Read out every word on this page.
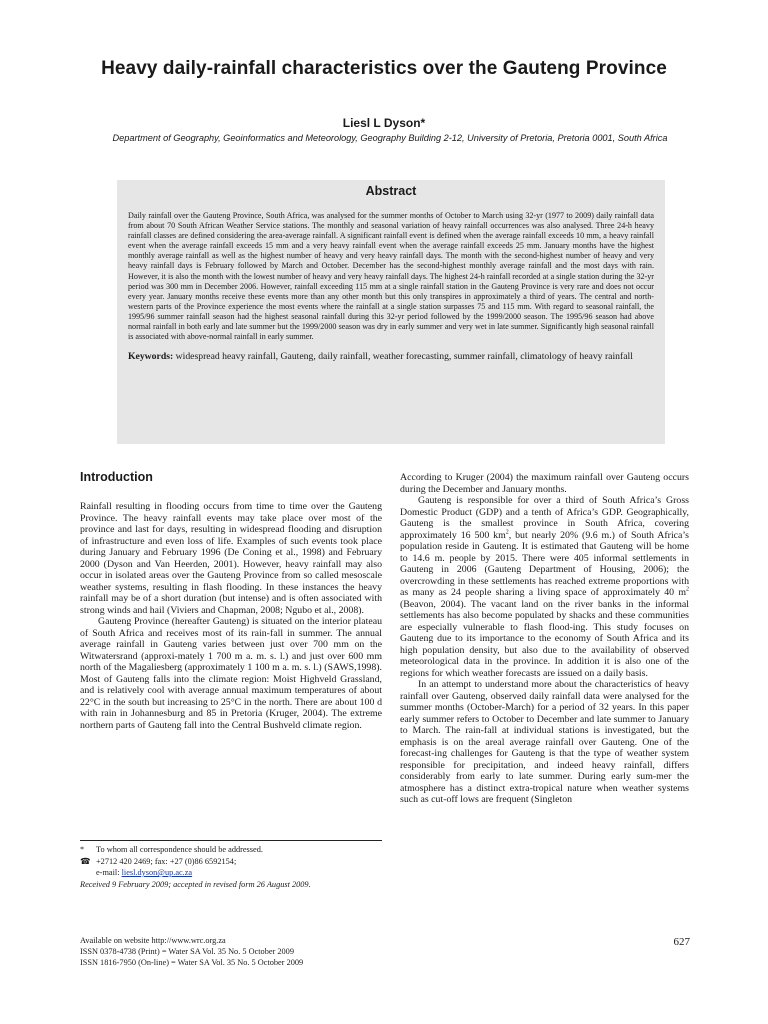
Heavy daily-rainfall characteristics over the Gauteng Province
Liesl L Dyson*
Department of Geography, Geoinformatics and Meteorology, Geography Building 2-12, University of Pretoria, Pretoria 0001, South Africa
Abstract
Daily rainfall over the Gauteng Province, South Africa, was analysed for the summer months of October to March using 32-yr (1977 to 2009) daily rainfall data from about 70 South African Weather Service stations. The monthly and seasonal variation of heavy rainfall occurrences was also analysed. Three 24-h heavy rainfall classes are defined considering the area-average rainfall. A significant rainfall event is defined when the average rainfall exceeds 10 mm, a heavy rainfall event when the average rainfall exceeds 15 mm and a very heavy rainfall event when the average rainfall exceeds 25 mm. January months have the highest monthly average rainfall as well as the highest number of heavy and very heavy rainfall days. The month with the second-highest number of heavy and very heavy rainfall days is February followed by March and October. December has the second-highest monthly average rainfall and the most days with rain. However, it is also the month with the lowest number of heavy and very heavy rainfall days. The highest 24-h rainfall recorded at a single station during the 32-yr period was 300 mm in December 2006. However, rainfall exceeding 115 mm at a single rainfall station in the Gauteng Province is very rare and does not occur every year. January months receive these events more than any other month but this only transpires in approximately a third of years. The central and north-western parts of the Province experience the most events where the rainfall at a single station surpasses 75 and 115 mm. With regard to seasonal rainfall, the 1995/96 summer rainfall season had the highest seasonal rainfall during this 32-yr period followed by the 1999/2000 season. The 1995/96 season had above normal rainfall in both early and late summer but the 1999/2000 season was dry in early summer and very wet in late summer. Significantly high seasonal rainfall is associated with above-normal rainfall in early summer.
Keywords: widespread heavy rainfall, Gauteng, daily rainfall, weather forecasting, summer rainfall, climatology of heavy rainfall
Introduction

Rainfall resulting in flooding occurs from time to time over the Gauteng Province. The heavy rainfall events may take place over most of the province and last for days, resulting in widespread flooding and disruption of infrastructure and even loss of life. Examples of such events took place during January and February 1996 (De Coning et al., 1998) and February 2000 (Dyson and Van Heerden, 2001). However, heavy rainfall may also occur in isolated areas over the Gauteng Province from so called mesoscale weather systems, resulting in flash flooding. In these instances the heavy rainfall may be of a short duration (but intense) and is often associated with strong winds and hail (Viviers and Chapman, 2008; Ngubo et al., 2008).

Gauteng Province (hereafter Gauteng) is situated on the interior plateau of South Africa and receives most of its rain-fall in summer. The annual average rainfall in Gauteng varies between just over 700 mm on the Witwatersrand (approxi-mately 1 700 m a. m. s. l.) and just over 600 mm north of the Magaliesberg (approximately 1 100 m a. m. s. l.) (SAWS,1998). Most of Gauteng falls into the climate region: Moist Highveld Grassland, and is relatively cool with average annual maximum temperatures of about 22°C in the south but increasing to 25°C in the north. There are about 100 d with rain in Johannesburg and 85 in Pretoria (Kruger, 2004). The extreme northern parts of Gauteng fall into the Central Bushveld climate region.

According to Kruger (2004) the maximum rainfall over Gauteng occurs during the December and January months.

Gauteng is responsible for over a third of South Africa’s Gross Domestic Product (GDP) and a tenth of Africa’s GDP. Geographically, Gauteng is the smallest province in South Africa, covering approximately 16 500 $km^2$, but nearly 20% (9.6 m.) of South Africa’s population reside in Gauteng. It is estimated that Gauteng will be home to 14.6 m. people by 2015. There were 405 informal settlements in Gauteng in 2006 (Gauteng Department of Housing, 2006); the overcrowding in these settlements has reached extreme proportions with as many as 24 people sharing a living space of approximately 40 $m^2$ (Beavon, 2004). The vacant land on the river banks in the informal settlements has also become populated by shacks and these communities are especially vulnerable to flash flood-ing. This study focuses on Gauteng due to its importance to the economy of South Africa and its high population density, but also due to the availability of observed meteorological data in the province. In addition it is also one of the regions for which weather forecasts are issued on a daily basis.

In an attempt to understand more about the characteristics of heavy rainfall over Gauteng, observed daily rainfall data were analysed for the summer months (October-March) for a period of 32 years. In this paper early summer refers to October to December and late summer to January to March. The rain-fall at individual stations is investigated, but the emphasis is on the areal average rainfall over Gauteng. One of the forecast-ing challenges for Gauteng is that the type of weather system responsible for precipitation, and indeed heavy rainfall, differs considerably from early to late summer. During early sum-mer the atmosphere has a distinct extra-tropical nature when weather systems such as cut-off lows are frequent (Singleton

*	To whom all correspondence should be addressed.
☎ +2712 420 2469; fax: +27 (0)86 6592154;
e-mail:
liesl.dyson@up.ac.za
Received 9 February 2009; accepted in revised form 26 August 2009.
Available on website http://www.wrc.org.za
ISSN 0378-4738 (Print) = Water SA Vol. 35 No. 5 October 2009
ISSN 1816-7950 (On-line) = Water SA Vol. 35 No. 5 October 2009
627
